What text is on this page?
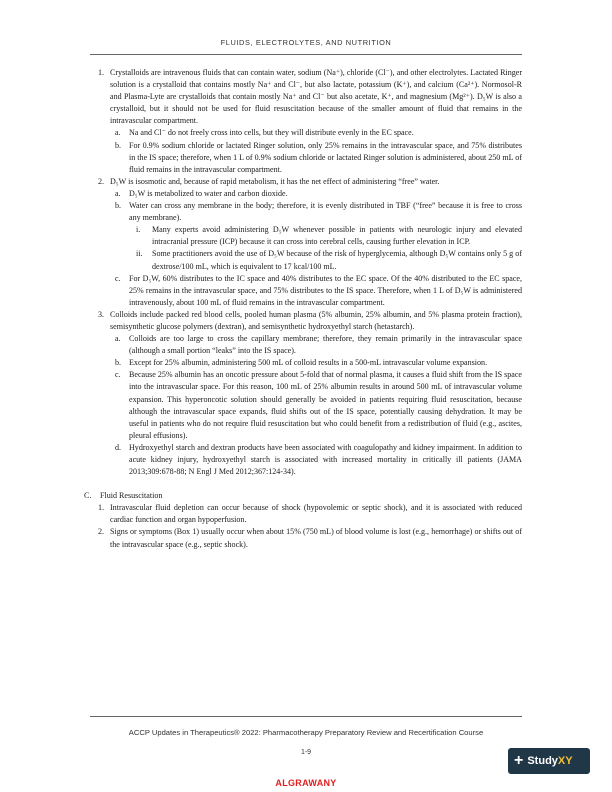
FLUIDS, ELECTROLYTES, AND NUTRITION
1. Crystalloids are intravenous fluids that can contain water, sodium (Na⁺), chloride (Cl⁻), and other electrolytes. Lactated Ringer solution is a crystalloid that contains mostly Na⁺ and Cl⁻, but also lactate, potassium (K⁺), and calcium (Ca²⁺). Normosol-R and Plasma-Lyte are crystalloids that contain mostly Na⁺ and Cl⁻ but also acetate, K⁺, and magnesium (Mg²⁺). D₅W is also a crystalloid, but it should not be used for fluid resuscitation because of the smaller amount of fluid that remains in the intravascular compartment.
a. Na and Cl⁻ do not freely cross into cells, but they will distribute evenly in the EC space.
b. For 0.9% sodium chloride or lactated Ringer solution, only 25% remains in the intravascular space, and 75% distributes in the IS space; therefore, when 1 L of 0.9% sodium chloride or lactated Ringer solution is administered, about 250 mL of fluid remains in the intravascular compartment.
2. D₅W is isosmotic and, because of rapid metabolism, it has the net effect of administering “free” water.
a. D₅W is metabolized to water and carbon dioxide.
b. Water can cross any membrane in the body; therefore, it is evenly distributed in TBF (“free” because it is free to cross any membrane).
i. Many experts avoid administering D₅W whenever possible in patients with neurologic injury and elevated intracranial pressure (ICP) because it can cross into cerebral cells, causing further elevation in ICP.
ii. Some practitioners avoid the use of D₅W because of the risk of hyperglycemia, although D₅W contains only 5 g of dextrose/100 mL, which is equivalent to 17 kcal/100 mL.
c. For D₅W, 60% distributes to the IC space and 40% distributes to the EC space. Of the 40% distributed to the EC space, 25% remains in the intravascular space, and 75% distributes to the IS space. Therefore, when 1 L of D₅W is administered intravenously, about 100 mL of fluid remains in the intravascular compartment.
3. Colloids include packed red blood cells, pooled human plasma (5% albumin, 25% albumin, and 5% plasma protein fraction), semisynthetic glucose polymers (dextran), and semisynthetic hydroxyethyl starch (hetastarch).
a. Colloids are too large to cross the capillary membrane; therefore, they remain primarily in the intravascular space (although a small portion “leaks” into the IS space).
b. Except for 25% albumin, administering 500 mL of colloid results in a 500-mL intravascular volume expansion.
c. Because 25% albumin has an oncotic pressure about 5-fold that of normal plasma, it causes a fluid shift from the IS space into the intravascular space. For this reason, 100 mL of 25% albumin results in around 500 mL of intravascular volume expansion. This hyperoncotic solution should generally be avoided in patients requiring fluid resuscitation, because although the intravascular space expands, fluid shifts out of the IS space, potentially causing dehydration. It may be useful in patients who do not require fluid resuscitation but who could benefit from a redistribution of fluid (e.g., ascites, pleural effusions).
d. Hydroxyethyl starch and dextran products have been associated with coagulopathy and kidney impairment. In addition to acute kidney injury, hydroxyethyl starch is associated with increased mortality in critically ill patients (JAMA 2013;309:678-88; N Engl J Med 2012;367:124-34).
C. Fluid Resuscitation
1. Intravascular fluid depletion can occur because of shock (hypovolemic or septic shock), and it is associated with reduced cardiac function and organ hypoperfusion.
2. Signs or symptoms (Box 1) usually occur when about 15% (750 mL) of blood volume is lost (e.g., hemorrhage) or shifts out of the intravascular space (e.g., septic shock).
ACCP Updates in Therapeutics® 2022: Pharmacotherapy Preparatory Review and Recertification Course
1-9	+ StudyXY
ALGRAWANY
